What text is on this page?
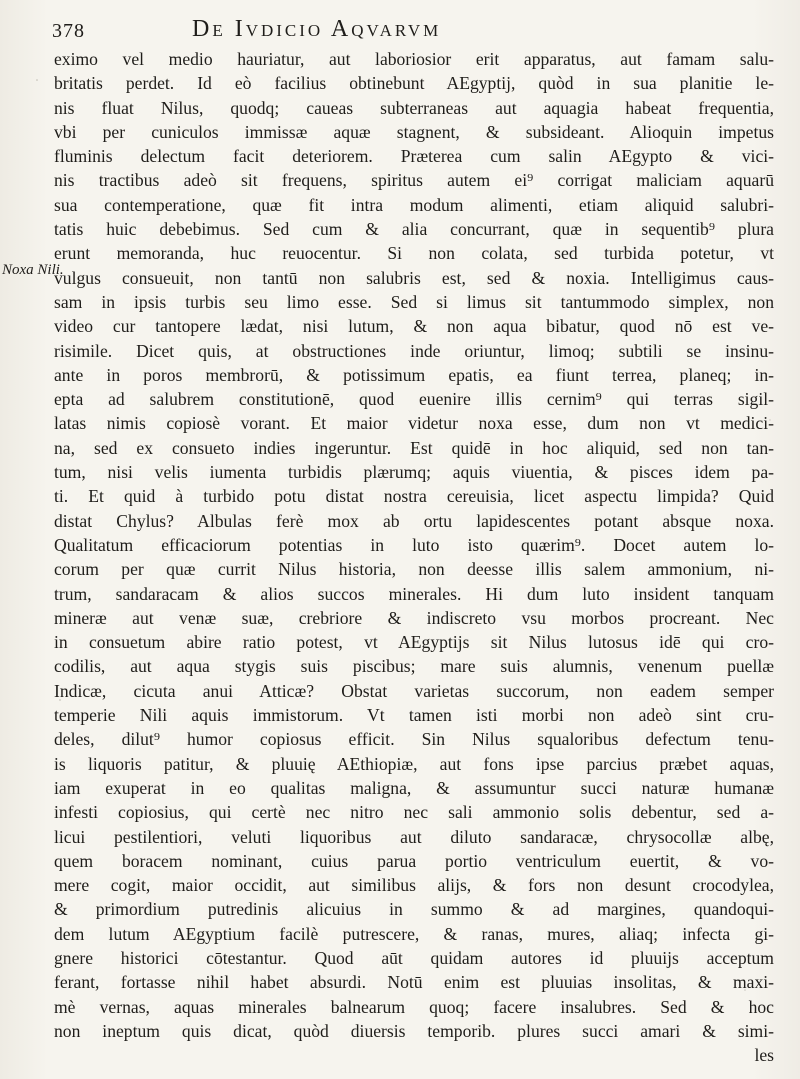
378	De Ivdicio Aqvarvm
Noxa Nili.
eximo vel medio hauriatur, aut laboriosior erit apparatus, aut famam salu-
britatis perdet. Id eò facilius obtinebunt AEgyptij, quòd in sua planitie le-
nis fluat Nilus, quodq; caueas subterraneas aut aquagia habeat frequentia,
vbi per cuniculos immissæ aquæ stagnent, & subsideant. Alioquin impetus
fluminis delectum facit deteriorem. Præterea cum salin AEgypto & vici-
nis tractibus adeò sit frequens, spiritus autem ei⁹ corrigat maliciam aquarū
sua contemperatione, quæ fit intra modum alimenti, etiam aliquid salubri-
tatis huic debebimus. Sed cum & alia concurrant, quæ in sequentib⁹ plura
erunt memoranda, huc reuocentur. Si non colata, sed turbida potetur, vt
vulgus consueuit, non tantū non salubris est, sed & noxia. Intelligimus caus-
sam in ipsis turbis seu limo esse. Sed si limus sit tantummodo simplex, non
video cur tantopere lædat, nisi lutum, & non aqua bibatur, quod nō est ve-
risimile. Dicet quis, at obstructiones inde oriuntur, limoq; subtili se insinu-
ante in poros membrorū, & potissimum epatis, ea fiunt terrea, planeq; in-
epta ad salubrem constitutionē, quod euenire illis cernim⁹ qui terras sigil-
latas nimis copiosè vorant. Et maior videtur noxa esse, dum non vt medici-
na, sed ex consueto indies ingeruntur. Est quidē in hoc aliquid, sed non tan-
tum, nisi velis iumenta turbidis plærumq; aquis viuentia, & pisces idem pa-
ti. Et quid à turbido potu distat nostra cereuisia, licet aspectu limpida? Quid
distat Chylus? Albulas ferè mox ab ortu lapidescentes potant absque noxa.
Qualitatum efficaciorum potentias in luto isto quærim⁹. Docet autem lo-
corum per quæ currit Nilus historia, non deesse illis salem ammonium, ni-
trum, sandaracam & alios succos minerales. Hi dum luto insident tanquam
mineræ aut venæ suæ, crebriore & indiscreto vsu morbos procreant. Nec
in consuetum abire ratio potest, vt AEgyptijs sit Nilus lutosus idē qui cro-
codilis, aut aqua stygis suis piscibus; mare suis alumnis, venenum puellæ
Indicæ, cicuta anui Atticæ? Obstat varietas succorum, non eadem semper
temperie Nili aquis immistorum. Vt tamen isti morbi non adeò sint cru-
deles, dilut⁹ humor copiosus efficit. Sin Nilus squaloribus defectum tenu-
is liquoris patitur, & pluuię AEthiopiæ, aut fons ipse parcius præbet aquas,
iam exuperat in eo qualitas maligna, & assumuntur succi naturæ humanæ
infesti copiosius, qui certè nec nitro nec sali ammonio solis debentur, sed a-
licui pestilentiori, veluti liquoribus aut diluto sandaracæ, chrysocollæ albę,
quem boracem nominant, cuius parua portio ventriculum euertit, & vo-
mere cogit, maior occidit, aut similibus alijs, & fors non desunt crocodylea,
& primordium putredinis alicuius in summo & ad margines, quandoqui-
dem lutum AEgyptium facilè putrescere, & ranas, mures, aliaq; infecta gi-
gnere historici cōtestantur. Quod aūt quidam autores id pluuijs acceptum
ferant, fortasse nihil habet absurdi. Notū enim est pluuias insolitas, & maxi-
mè vernas, aquas minerales balnearum quoq; facere insalubres. Sed & hoc
non ineptum quis dicat, quòd diuersis temporib. plures succi amari & simi-
les
